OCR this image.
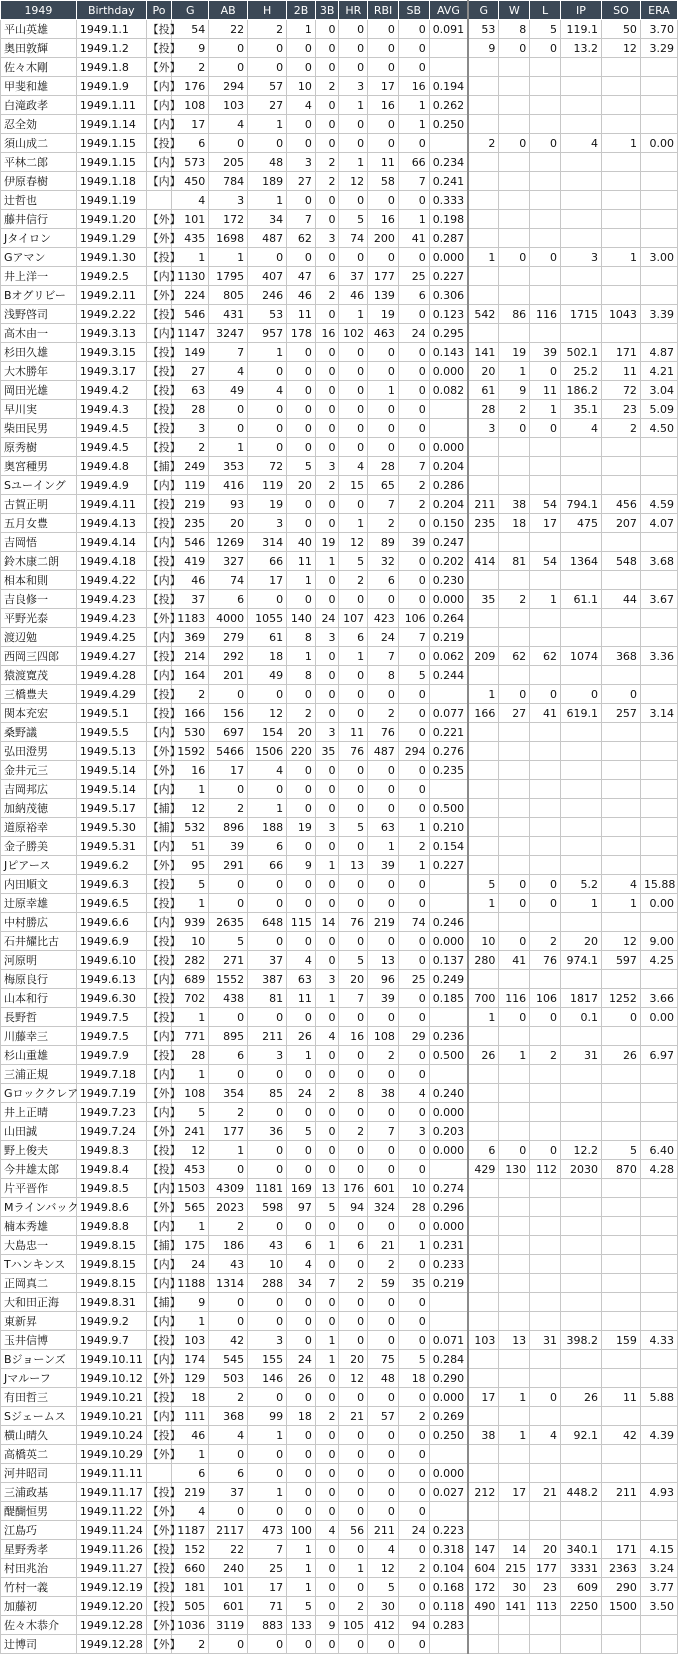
1949	Birthday	Po	G	AB	H	2B	3B	HR	RBI	SB	AVG	G	W	L	IP	SO	ERA
平山英雄	1949.1.1	【投】	54	22	2	1	0	0	0	0	0.091	53	8	5	119.1	50	3.70
奥田敦輝	1949.1.2	【投】	9	0	0	0	0	0	0	0		9	0	0	13.2	12	3.29
佐々木剛	1949.1.8	【外】	2	0	0	0	0	0	0	0							
甲斐和雄	1949.1.9	【内】	176	294	57	10	2	3	17	16	0.194						
白滝政孝	1949.1.11	【内】	108	103	27	4	0	1	16	1	0.262						
忍全効	1949.1.14	【内】	17	4	1	0	0	0	0	1	0.250						
須山成二	1949.1.15	【投】	6	0	0	0	0	0	0	0		2	0	0	4	1	0.00
平林二郎	1949.1.15	【内】	573	205	48	3	2	1	11	66	0.234						
伊原春樹	1949.1.18	【内】	450	784	189	27	2	12	58	7	0.241						
辻哲也	1949.1.19		4	3	1	0	0	0	0	0	0.333						
藤井信行	1949.1.20	【外】	101	172	34	7	0	5	16	1	0.198						
Jタイロン	1949.1.29	【外】	435	1698	487	62	3	74	200	41	0.287						
Gアマン	1949.1.30	【投】	1	1	0	0	0	0	0	0	0.000	1	0	0	3	1	3.00
井上洋一	1949.2.5	【内】	1130	1795	407	47	6	37	177	25	0.227						
Bオグリビー	1949.2.11	【外】	224	805	246	46	2	46	139	6	0.306						
浅野啓司	1949.2.22	【投】	546	431	53	11	0	1	19	0	0.123	542	86	116	1715	1043	3.39
高木由一	1949.3.13	【内】	1147	3247	957	178	16	102	463	24	0.295						
杉田久雄	1949.3.15	【投】	149	7	1	0	0	0	0	0	0.143	141	19	39	502.1	171	4.87
大木勝年	1949.3.17	【投】	27	4	0	0	0	0	0	0	0.000	20	1	0	25.2	11	4.21
岡田光雄	1949.4.2	【投】	63	49	4	0	0	0	1	0	0.082	61	9	11	186.2	72	3.04
早川実	1949.4.3	【投】	28	0	0	0	0	0	0	0		28	2	1	35.1	23	5.09
柴田民男	1949.4.5	【投】	3	0	0	0	0	0	0	0		3	0	0	4	2	4.50
原秀樹	1949.4.5	【投】	2	1	0	0	0	0	0	0	0.000						
奥宮種男	1949.4.8	【捕】	249	353	72	5	3	4	28	7	0.204						
Sユーイング	1949.4.9	【内】	119	416	119	20	2	15	65	2	0.286						
古賀正明	1949.4.11	【投】	219	93	19	0	0	0	7	2	0.204	211	38	54	794.1	456	4.59
五月女豊	1949.4.13	【投】	235	20	3	0	0	1	2	0	0.150	235	18	17	475	207	4.07
吉岡悟	1949.4.14	【内】	546	1269	314	40	19	12	89	39	0.247						
鈴木康二朗	1949.4.18	【投】	419	327	66	11	1	5	32	0	0.202	414	81	54	1364	548	3.68
相本和則	1949.4.22	【内】	46	74	17	1	0	2	6	0	0.230						
吉良修一	1949.4.23	【投】	37	6	0	0	0	0	0	0	0.000	35	2	1	61.1	44	3.67
平野光泰	1949.4.23	【外】	1183	4000	1055	140	24	107	423	106	0.264						
渡辺勉	1949.4.25	【内】	369	279	61	8	3	6	24	7	0.219						
西岡三四郎	1949.4.27	【投】	214	292	18	1	0	1	7	0	0.062	209	62	62	1074	368	3.36
猿渡寛茂	1949.4.28	【内】	164	201	49	8	0	0	8	5	0.244						
三橋豊夫	1949.4.29	【投】	2	0	0	0	0	0	0	0		1	0	0	0	0	
関本充宏	1949.5.1	【投】	166	156	12	2	0	0	2	0	0.077	166	27	41	619.1	257	3.14
桑野議	1949.5.5	【内】	530	697	154	20	3	11	76	0	0.221						
弘田澄男	1949.5.13	【外】	1592	5466	1506	220	35	76	487	294	0.276						
金井元三	1949.5.14	【外】	16	17	4	0	0	0	0	0	0.235						
吉岡邦広	1949.5.14	【内】	1	0	0	0	0	0	0	0							
加納茂徳	1949.5.17	【捕】	12	2	1	0	0	0	0	0	0.500						
道原裕幸	1949.5.30	【捕】	532	896	188	19	3	5	63	1	0.210						
金子勝美	1949.5.31	【内】	51	39	6	0	0	0	1	2	0.154						
Jピアース	1949.6.2	【外】	95	291	66	9	1	13	39	1	0.227						
内田順文	1949.6.3	【投】	5	0	0	0	0	0	0	0		5	0	0	5.2	4	15.88
辻原幸雄	1949.6.5	【投】	1	0	0	0	0	0	0	0		1	0	0	1	1	0.00
中村勝広	1949.6.6	【内】	939	2635	648	115	14	76	219	74	0.246						
石井耀比古	1949.6.9	【投】	10	5	0	0	0	0	0	0	0.000	10	0	2	20	12	9.00
河原明	1949.6.10	【投】	282	271	37	4	0	5	13	0	0.137	280	41	76	974.1	597	4.25
梅原良行	1949.6.13	【内】	689	1552	387	63	3	20	96	25	0.249						
山本和行	1949.6.30	【投】	702	438	81	11	1	7	39	0	0.185	700	116	106	1817	1252	3.66
長野哲	1949.7.5	【投】	1	0	0	0	0	0	0	0		1	0	0	0.1	0	0.00
川藤幸三	1949.7.5	【内】	771	895	211	26	4	16	108	29	0.236						
杉山重雄	1949.7.9	【投】	28	6	3	1	0	0	2	0	0.500	26	1	2	31	26	6.97
三浦正規	1949.7.18	【内】	1	0	0	0	0	0	0	0							
Gロッククレア	1949.7.19	【外】	108	354	85	24	2	8	38	4	0.240						
井上正晴	1949.7.23	【内】	5	2	0	0	0	0	0	0	0.000						
山田誠	1949.7.24	【外】	241	177	36	5	0	2	7	3	0.203						
野上俊夫	1949.8.3	【投】	12	1	0	0	0	0	0	0	0.000	6	0	0	12.2	5	6.40
今井雄太郎	1949.8.4	【投】	453	0	0	0	0	0	0	0		429	130	112	2030	870	4.28
片平晋作	1949.8.5	【内】	1503	4309	1181	169	13	176	601	10	0.274						
Mラインバック	1949.8.6	【外】	565	2023	598	97	5	94	324	28	0.296						
楠本秀雄	1949.8.8	【内】	1	2	0	0	0	0	0	0	0.000						
大島忠一	1949.8.15	【捕】	175	186	43	6	1	6	21	1	0.231						
Tハンキンス	1949.8.15	【内】	24	43	10	4	0	0	2	0	0.233						
正岡真二	1949.8.15	【内】	1188	1314	288	34	7	2	59	35	0.219						
大和田正海	1949.8.31	【捕】	9	0	0	0	0	0	0	0							
東新昇	1949.9.2	【内】	1	0	0	0	0	0	0	0							
玉井信博	1949.9.7	【投】	103	42	3	0	1	0	0	0	0.071	103	13	31	398.2	159	4.33
Bジョーンズ	1949.10.11	【内】	174	545	155	24	1	20	75	5	0.284						
Jマルーフ	1949.10.12	【外】	129	503	146	26	0	12	48	18	0.290						
有田哲三	1949.10.21	【投】	18	2	0	0	0	0	0	0	0.000	17	1	0	26	11	5.88
Sジェームス	1949.10.21	【内】	111	368	99	18	2	21	57	2	0.269						
横山晴久	1949.10.24	【投】	46	4	1	0	0	0	0	0	0.250	38	1	4	92.1	42	4.39
高橋英二	1949.10.29	【外】	1	0	0	0	0	0	0	0							
河井昭司	1949.11.11		6	6	0	0	0	0	0	0	0.000						
三浦政基	1949.11.17	【投】	219	37	1	0	0	0	0	0	0.027	212	17	21	448.2	211	4.93
醍醐恒男	1949.11.22	【外】	4	0	0	0	0	0	0	0							
江島巧	1949.11.24	【外】	1187	2117	473	100	4	56	211	24	0.223						
星野秀孝	1949.11.26	【投】	152	22	7	1	0	0	4	0	0.318	147	14	20	340.1	171	4.15
村田兆治	1949.11.27	【投】	660	240	25	1	0	1	12	2	0.104	604	215	177	3331	2363	3.24
竹村一義	1949.12.19	【投】	181	101	17	1	0	0	5	0	0.168	172	30	23	609	290	3.77
加藤初	1949.12.20	【投】	505	601	71	5	0	2	30	0	0.118	490	141	113	2250	1500	3.50
佐々木恭介	1949.12.28	【外】	1036	3119	883	133	9	105	412	94	0.283						
辻博司	1949.12.28	【外】	2	0	0	0	0	0	0	0							
